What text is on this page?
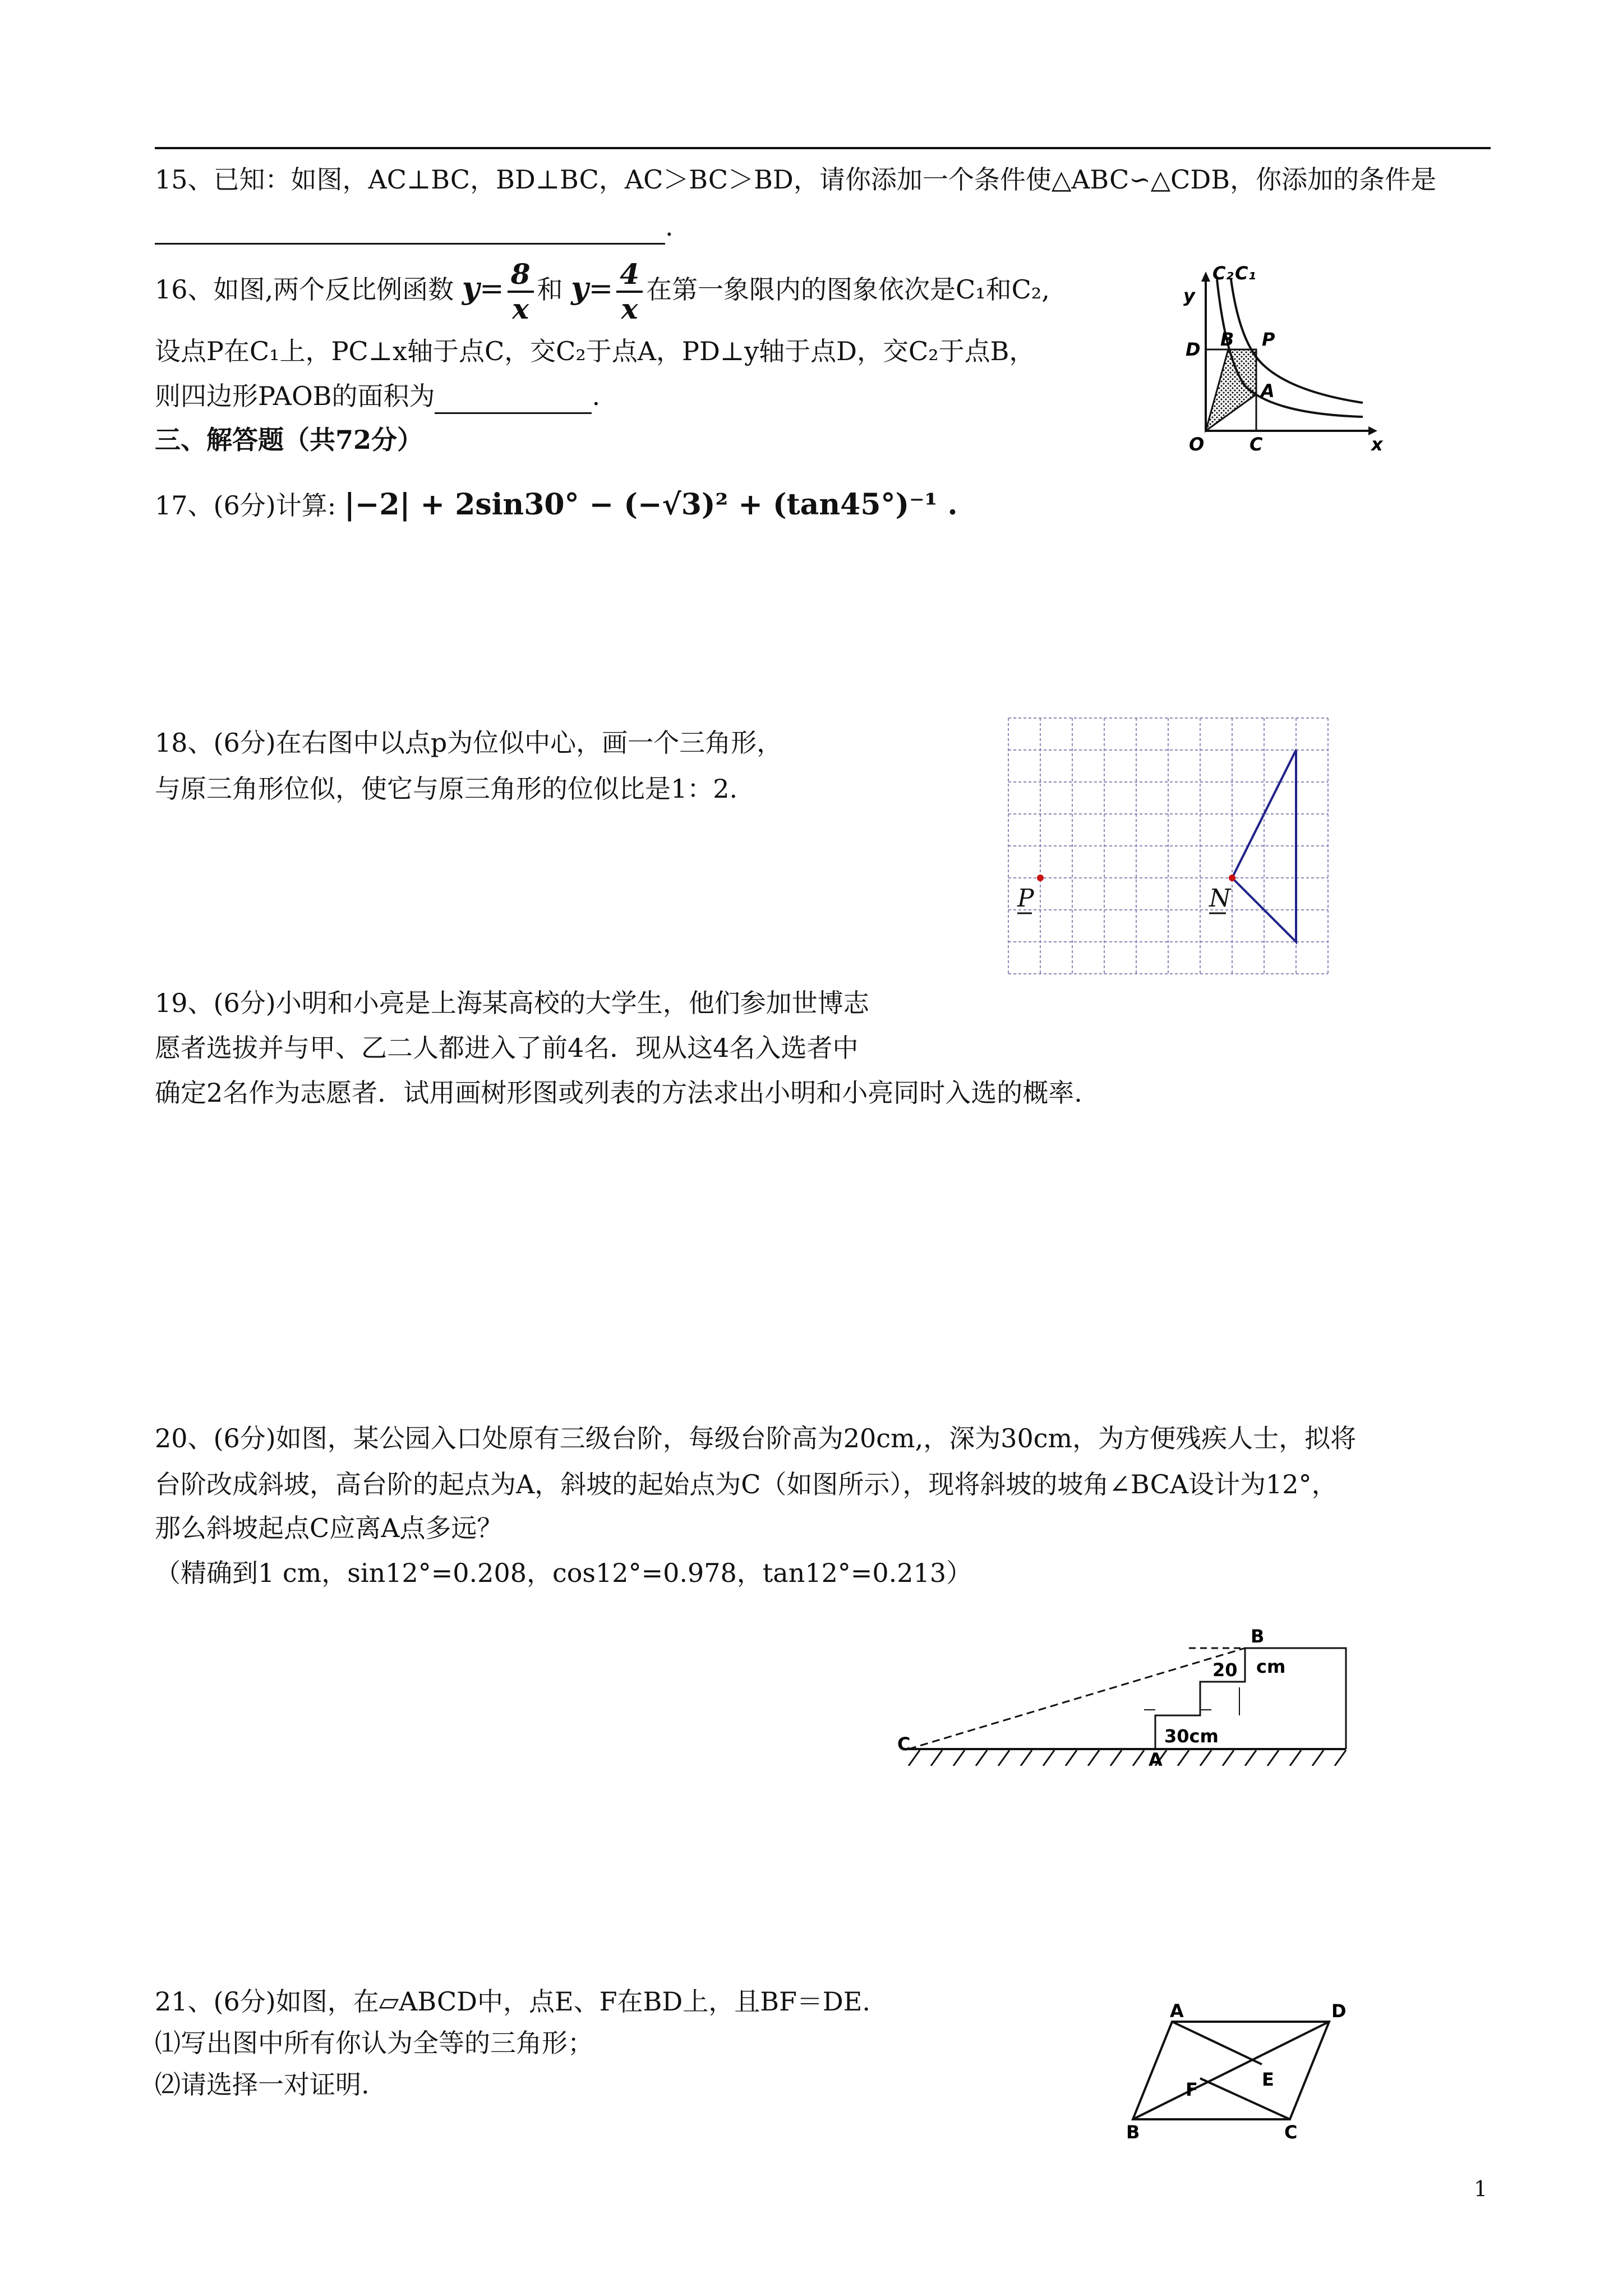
15、已知：如图，AC⊥BC，BD⊥BC，AC＞BC＞BD，请你添加一个条件使△ABC∽△CDB，你添加的条件是
.
16、如图,两个反比例函数 $y= \frac{8}{x}$ 和 $y= \frac{4}{x}$ 在第一象限内的图象依次是C₁和C₂,
设点P在C₁上，PC⊥x轴于点C，交C₂于点A，PD⊥y轴于点D，交C₂于点B，
则四边形PAOB的面积为	.
C₂ C₁
y
x
O	C
D B P
A
三、解答题（共72分）
17、(6分)计算: |−2| + 2sin30° − (−√3)² + (tan45°)⁻¹ .
18、(6分)在右图中以点p为位似中心，画一个三角形，
与原三角形位似，使它与原三角形的位似比是1：2.
P	N
19、(6分)小明和小亮是上海某高校的大学生，他们参加世博志
愿者选拔并与甲、乙二人都进入了前4名．现从这4名入选者中
确定2名作为志愿者．试用画树形图或列表的方法求出小明和小亮同时入选的概率.
20、(6分)如图，某公园入口处原有三级台阶，每级台阶高为20cm,，深为30cm，为方便残疾人士，拟将
台阶改成斜坡，高台阶的起点为A，斜坡的起始点为C（如图所示），现将斜坡的坡角∠BCA设计为12°，
那么斜坡起点C应离A点多远？
（精确到1 cm，sin12°=0.208，cos12°=0.978，tan12°=0.213）
B
C
A
20 cm
30cm
21、(6分)如图，在▱ABCD中，点E、F在BD上，且BF＝DE.
⑴写出图中所有你认为全等的三角形；
⑵请选择一对证明.
A	D
B	C
E
F
1
